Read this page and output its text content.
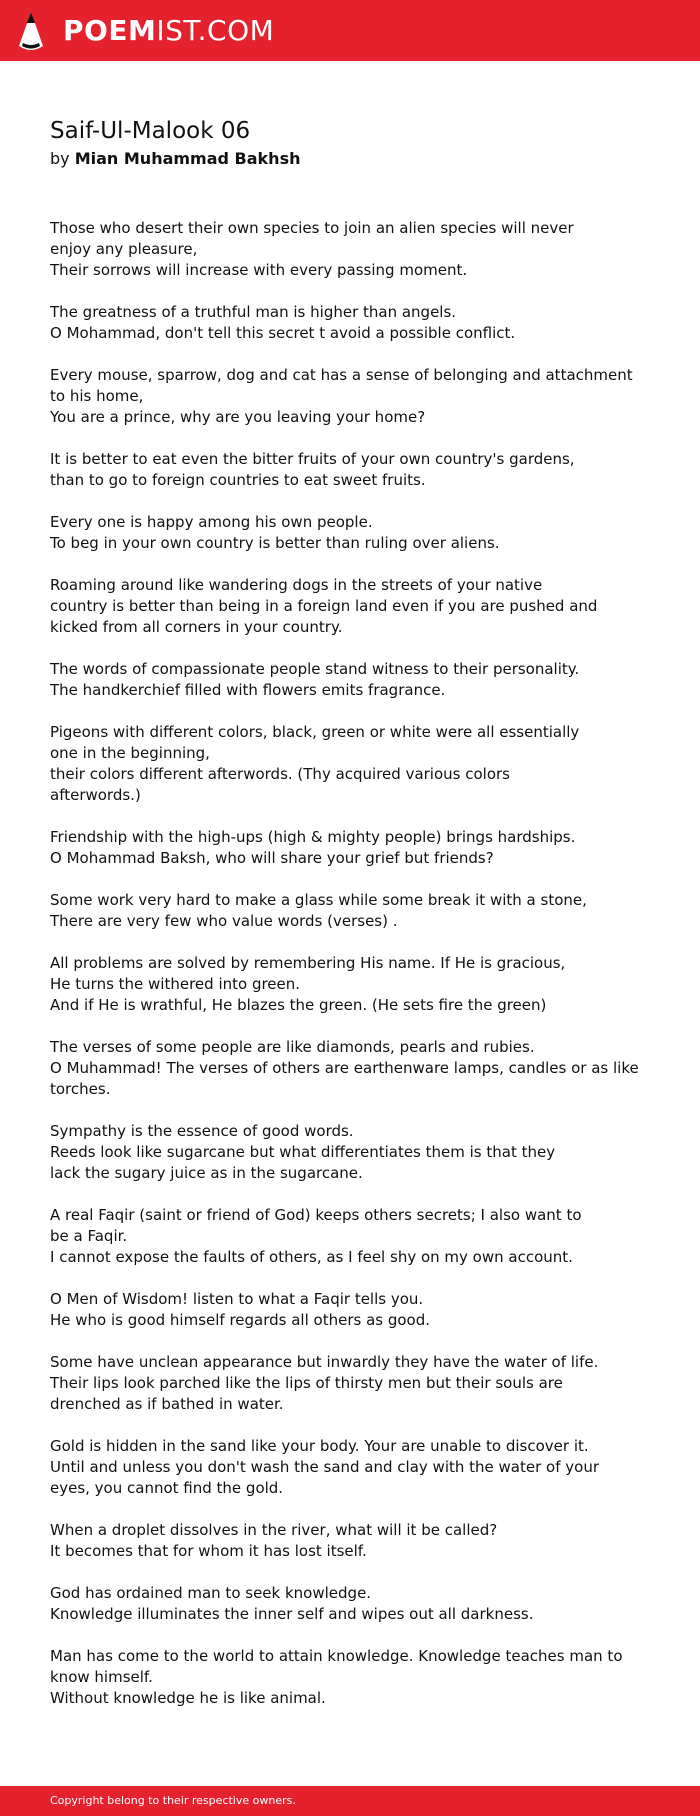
POEMIST.COM
Saif-Ul-Malook 06
by Mian Muhammad Bakhsh
Those who desert their own species to join an alien species will never
enjoy any pleasure,
Their sorrows will increase with every passing moment.
The greatness of a truthful man is higher than angels.
O Mohammad, don't tell this secret t avoid a possible conflict.
Every mouse, sparrow, dog and cat has a sense of belonging and attachment
to his home,
You are a prince, why are you leaving your home?
It is better to eat even the bitter fruits of your own country's gardens,
than to go to foreign countries to eat sweet fruits.
Every one is happy among his own people.
To beg in your own country is better than ruling over aliens.
Roaming around like wandering dogs in the streets of your native
country is better than being in a foreign land even if you are pushed and
kicked from all corners in your country.
The words of compassionate people stand witness to their personality.
The handkerchief filled with flowers emits fragrance.
Pigeons with different colors, black, green or white were all essentially
one in the beginning,
their colors different afterwords. (Thy acquired various colors
afterwords.)
Friendship with the high-ups (high & mighty people) brings hardships.
O Mohammad Baksh, who will share your grief but friends?
Some work very hard to make a glass while some break it with a stone,
There are very few who value words (verses) .
All problems are solved by remembering His name. If He is gracious,
He turns the withered into green.
And if He is wrathful, He blazes the green. (He sets fire the green)
The verses of some people are like diamonds, pearls and rubies.
O Muhammad! The verses of others are earthenware lamps, candles or as like
torches.
Sympathy is the essence of good words.
Reeds look like sugarcane but what differentiates them is that they
lack the sugary juice as in the sugarcane.
A real Faqir (saint or friend of God) keeps others secrets; I also want to
be a Faqir.
I cannot expose the faults of others, as I feel shy on my own account.
O Men of Wisdom! listen to what a Faqir tells you.
He who is good himself regards all others as good.
Some have unclean appearance but inwardly they have the water of life.
Their lips look parched like the lips of thirsty men but their souls are
drenched as if bathed in water.
Gold is hidden in the sand like your body. Your are unable to discover it.
Until and unless you don't wash the sand and clay with the water of your
eyes, you cannot find the gold.
When a droplet dissolves in the river, what will it be called?
It becomes that for whom it has lost itself.
God has ordained man to seek knowledge.
Knowledge illuminates the inner self and wipes out all darkness.
Man has come to the world to attain knowledge. Knowledge teaches man to
know himself.
Without knowledge he is like animal.
Copyright belong to their respective owners.
